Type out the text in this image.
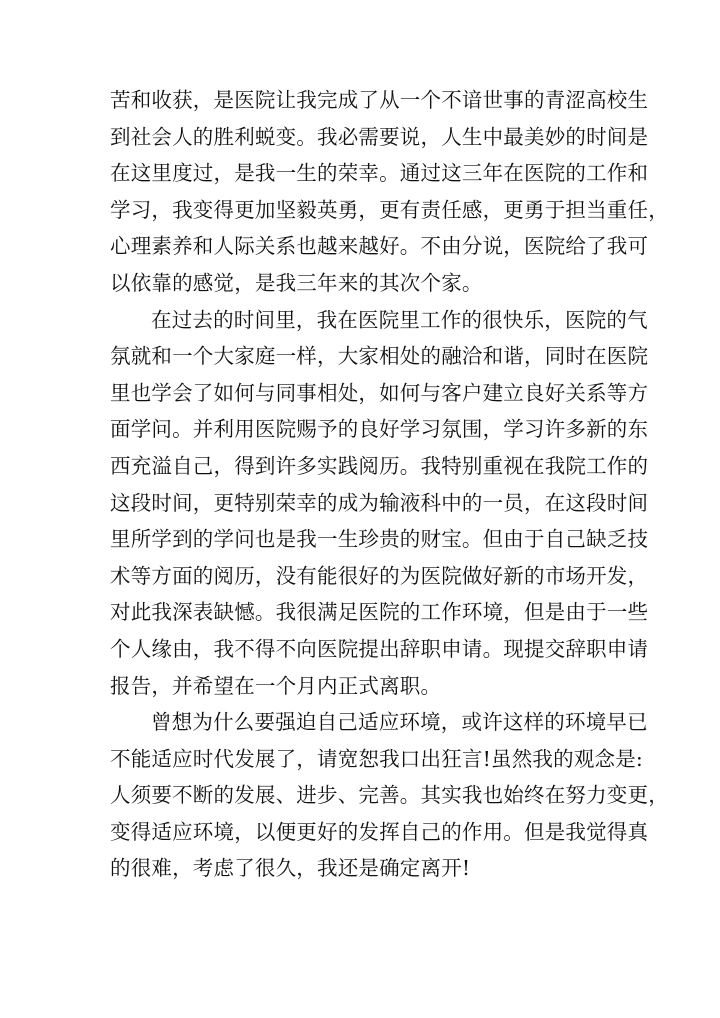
苦和收获，是医院让我完成了从一个不谙世事的青涩高校生
到社会人的胜利蜕变。我必需要说，人生中最美妙的时间是
在这里度过，是我一生的荣幸。通过这三年在医院的工作和
学习，我变得更加坚毅英勇，更有责任感，更勇于担当重任，
心理素养和人际关系也越来越好。不由分说，医院给了我可
以依靠的感觉，是我三年来的其次个家。
在过去的时间里，我在医院里工作的很快乐，医院的气
氛就和一个大家庭一样，大家相处的融洽和谐，同时在医院
里也学会了如何与同事相处，如何与客户建立良好关系等方
面学问。并利用医院赐予的良好学习氛围，学习许多新的东
西充溢自己，得到许多实践阅历。我特别重视在我院工作的
这段时间，更特别荣幸的成为输液科中的一员，在这段时间
里所学到的学问也是我一生珍贵的财宝。但由于自己缺乏技
术等方面的阅历，没有能很好的为医院做好新的市场开发，
对此我深表缺憾。我很满足医院的工作环境，但是由于一些
个人缘由，我不得不向医院提出辞职申请。现提交辞职申请
报告，并希望在一个月内正式离职。
曾想为什么要强迫自己适应环境，或许这样的环境早已
不能适应时代发展了，请宽恕我口出狂言!虽然我的观念是:
人须要不断的发展、进步、完善。其实我也始终在努力变更，
变得适应环境，以便更好的发挥自己的作用。但是我觉得真
的很难，考虑了很久，我还是确定离开!
